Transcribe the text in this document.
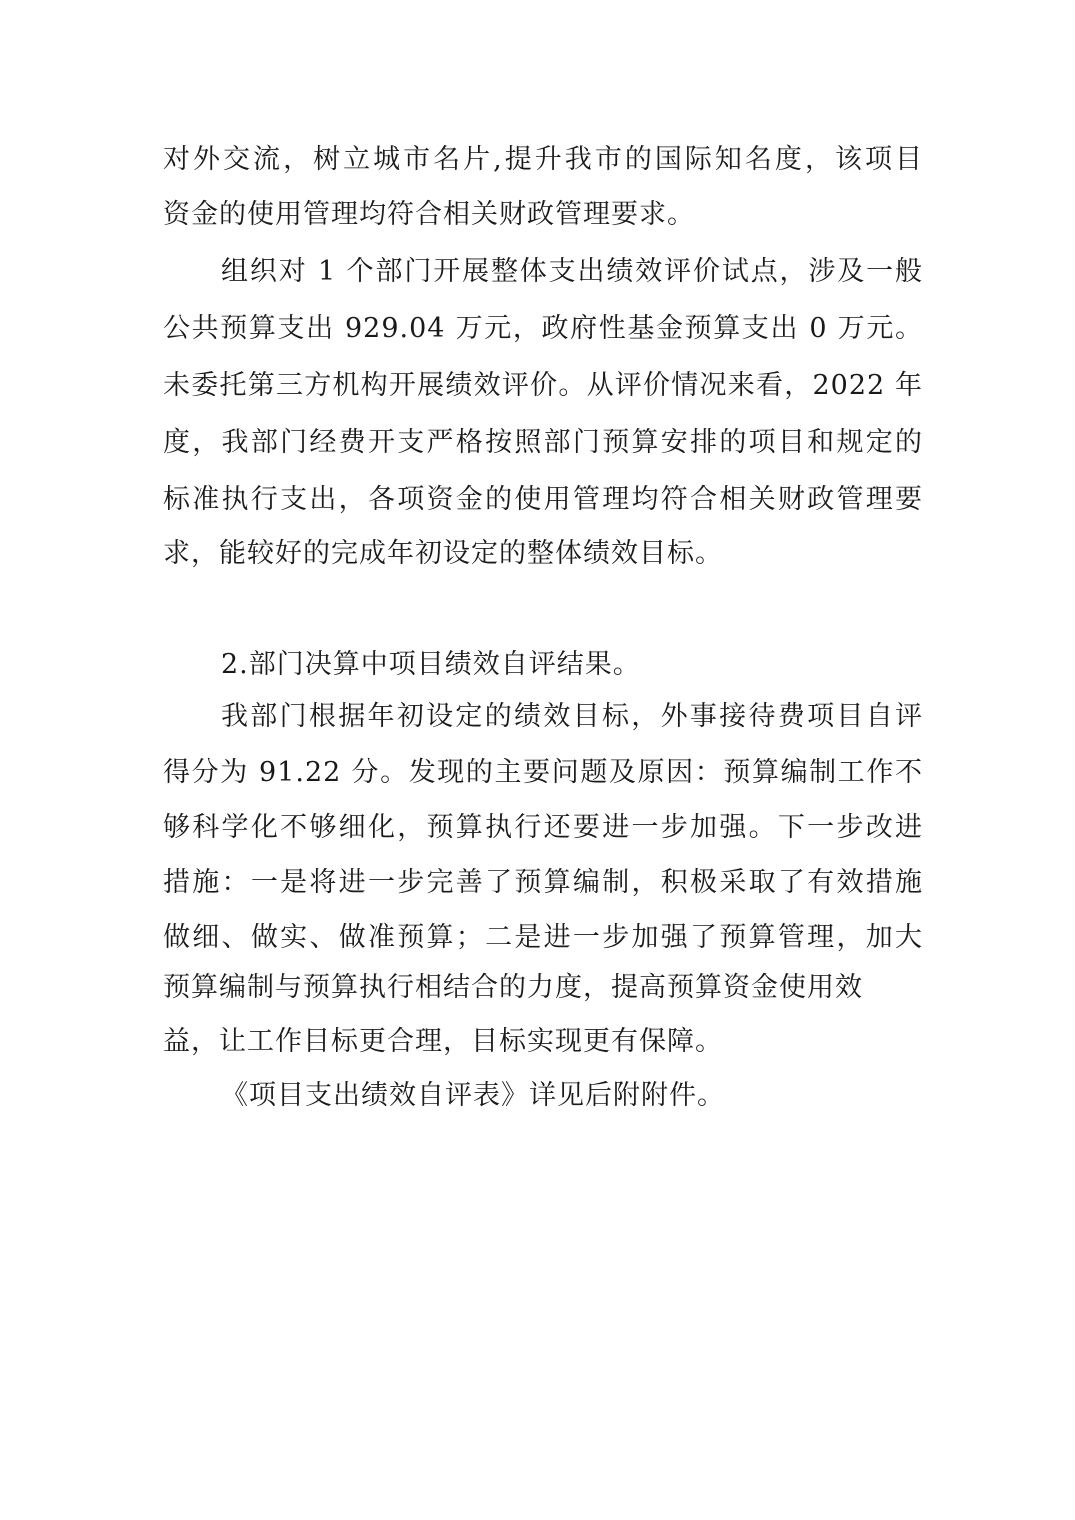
对外交流，树立城市名片,提升我市的国际知名度，该项目
资金的使用管理均符合相关财政管理要求。
组织对 1 个部门开展整体支出绩效评价试点，涉及一般
公共预算支出 929.04 万元，政府性基金预算支出 0 万元。
未委托第三方机构开展绩效评价。从评价情况来看，2022 年
度，我部门经费开支严格按照部门预算安排的项目和规定的
标准执行支出，各项资金的使用管理均符合相关财政管理要
求，能较好的完成年初设定的整体绩效目标。
2.部门决算中项目绩效自评结果。
我部门根据年初设定的绩效目标，外事接待费项目自评
得分为 91.22 分。发现的主要问题及原因：预算编制工作不
够科学化不够细化，预算执行还要进一步加强。下一步改进
措施：一是将进一步完善了预算编制，积极采取了有效措施
做细、做实、做准预算；二是进一步加强了预算管理，加大
预算编制与预算执行相结合的力度，提高预算资金使用效
益，让工作目标更合理，目标实现更有保障。
《项目支出绩效自评表》详见后附附件。
